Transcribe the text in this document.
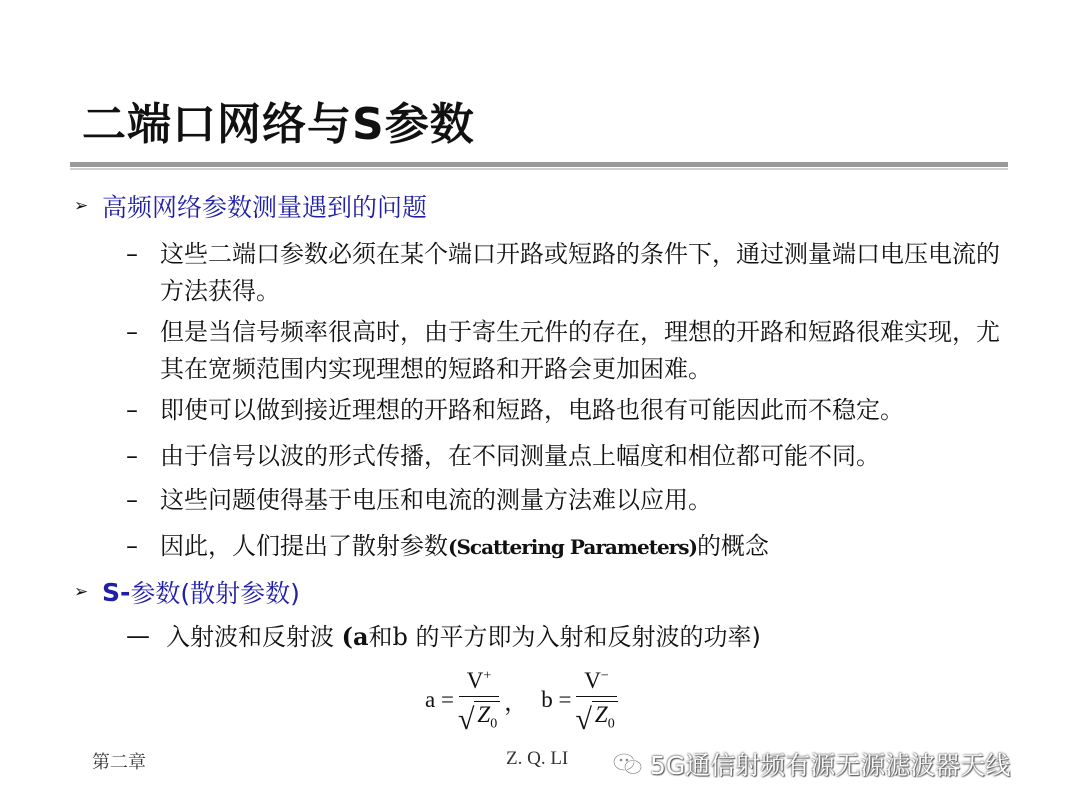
二端口网络与S参数
➢ 高频网络参数测量遇到的问题
– 这些二端口参数必须在某个端口开路或短路的条件下，通过测量端口电压电流的方法获得。
– 但是当信号频率很高时，由于寄生元件的存在，理想的开路和短路很难实现，尤其在宽频范围内实现理想的短路和开路会更加困难。
– 即使可以做到接近理想的开路和短路，电路也很有可能因此而不稳定。
– 由于信号以波的形式传播，在不同测量点上幅度和相位都可能不同。
– 这些问题使得基于电压和电流的测量方法难以应用。
– 因此，人们提出了散射参数(Scattering Parameters)的概念
➢ S- 参数 (散射参数)
— 入射波和反射波 (a和b 的平方即为入射和反射波的功率)
$a = \frac{V^+}{√ Z_0}$ ， $b = \frac{V^-}{√ Z_0}$
第二章	Z. Q. LI	5G通信射频有源无源滤波器天线
